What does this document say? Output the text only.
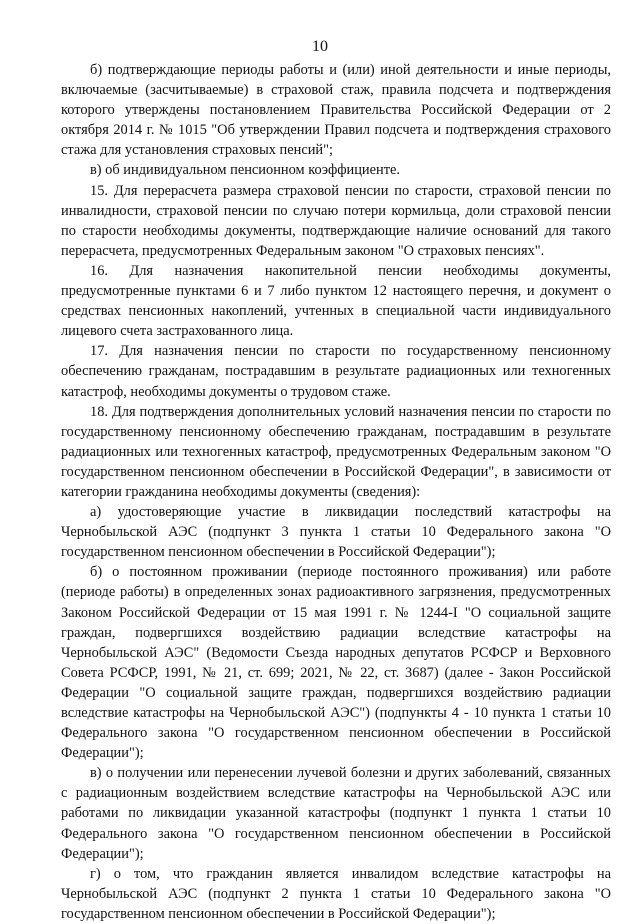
10

б) подтверждающие периоды работы и (или) иной деятельности и иные периоды, включаемые (засчитываемые) в страховой стаж, правила подсчета и подтверждения которого утверждены постановлением Правительства Российской Федерации от 2 октября 2014 г. № 1015 "Об утверждении Правил подсчета и подтверждения страхового стажа для установления страховых пенсий";

в) об индивидуальном пенсионном коэффициенте.

15. Для перерасчета размера страховой пенсии по старости, страховой пенсии по инвалидности, страховой пенсии по случаю потери кормильца, доли страховой пенсии по старости необходимы документы, подтверждающие наличие оснований для такого перерасчета, предусмотренных Федеральным законом "О страховых пенсиях".

16. Для назначения накопительной пенсии необходимы документы, предусмотренные пунктами 6 и 7 либо пунктом 12 настоящего перечня, и документ о средствах пенсионных накоплений, учтенных в специальной части индивидуального лицевого счета застрахованного лица.

17. Для назначения пенсии по старости по государственному пенсионному обеспечению гражданам, пострадавшим в результате радиационных или техногенных катастроф, необходимы документы о трудовом стаже.

18. Для подтверждения дополнительных условий назначения пенсии по старости по государственному пенсионному обеспечению гражданам, пострадавшим в результате радиационных или техногенных катастроф, предусмотренных Федеральным законом "О государственном пенсионном обеспечении в Российской Федерации", в зависимости от категории гражданина необходимы документы (сведения):

а) удостоверяющие участие в ликвидации последствий катастрофы на Чернобыльской АЭС (подпункт 3 пункта 1 статьи 10 Федерального закона "О государственном пенсионном обеспечении в Российской Федерации");

б) о постоянном проживании (периоде постоянного проживания) или работе (периоде работы) в определенных зонах радиоактивного загрязнения, предусмотренных Законом Российской Федерации от 15 мая 1991 г. № 1244-I "О социальной защите граждан, подвергшихся воздействию радиации вследствие катастрофы на Чернобыльской АЭС" (Ведомости Съезда народных депутатов РСФСР и Верховного Совета РСФСР, 1991, № 21, ст. 699; 2021, № 22, ст. 3687) (далее - Закон Российской Федерации "О социальной защите граждан, подвергшихся воздействию радиации вследствие катастрофы на Чернобыльской АЭС") (подпункты 4 - 10 пункта 1 статьи 10 Федерального закона "О государственном пенсионном обеспечении в Российской Федерации");

в) о получении или перенесении лучевой болезни и других заболеваний, связанных с радиационным воздействием вследствие катастрофы на Чернобыльской АЭС или работами по ликвидации указанной катастрофы (подпункт 1 пункта 1 статьи 10 Федерального закона "О государственном пенсионном обеспечении в Российской Федерации");

г) о том, что гражданин является инвалидом вследствие катастрофы на Чернобыльской АЭС (подпункт 2 пункта 1 статьи 10 Федерального закона "О государственном пенсионном обеспечении в Российской Федерации");
